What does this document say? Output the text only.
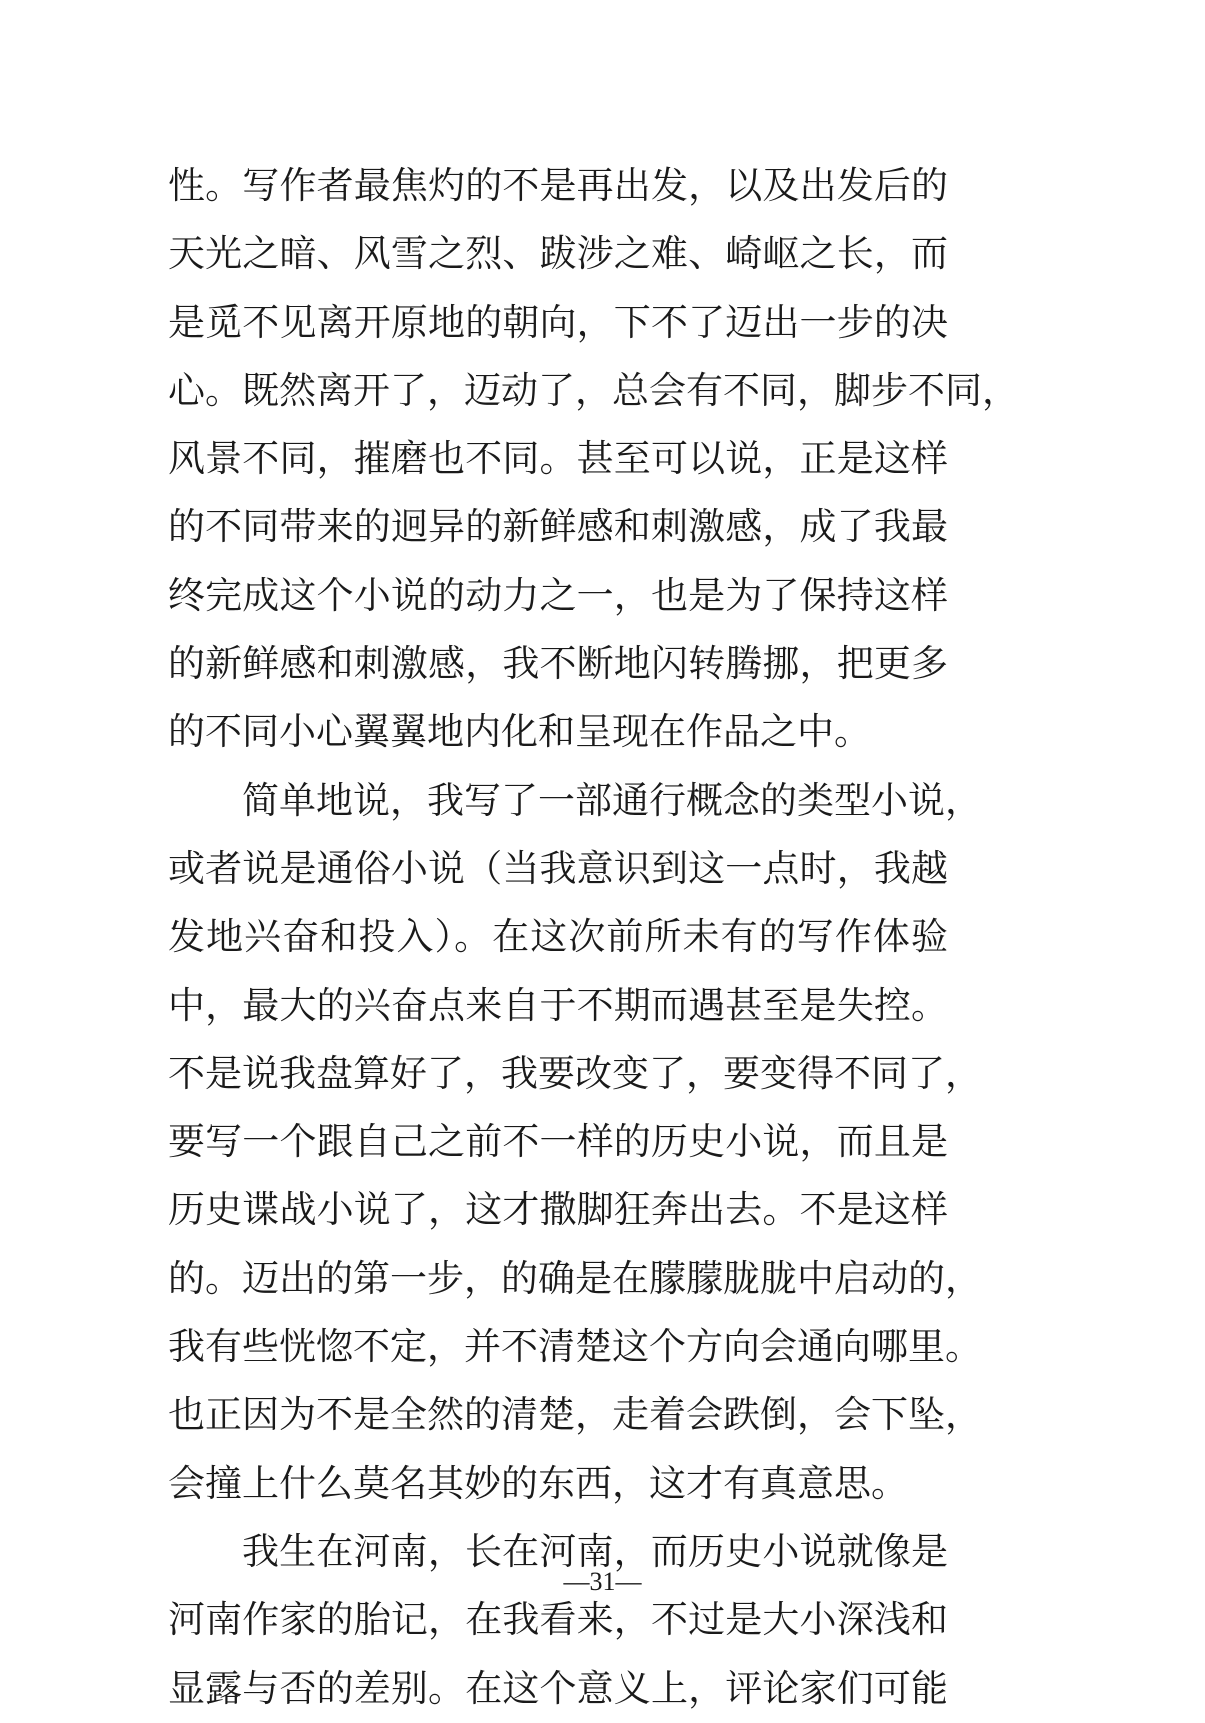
性。写作者最焦灼的不是再出发，以及出发后的
天光之暗、风雪之烈、跋涉之难、崎岖之长，而
是觅不见离开原地的朝向，下不了迈出一步的决
心。既然离开了，迈动了，总会有不同，脚步不同，
风景不同，摧磨也不同。甚至可以说，正是这样
的不同带来的迥异的新鲜感和刺激感，成了我最
终完成这个小说的动力之一，也是为了保持这样
的新鲜感和刺激感，我不断地闪转腾挪，把更多
的不同小心翼翼地内化和呈现在作品之中。
简单地说，我写了一部通行概念的类型小说，
或者说是通俗小说（当我意识到这一点时，我越
发地兴奋和投入）。在这次前所未有的写作体验
中，最大的兴奋点来自于不期而遇甚至是失控。
不是说我盘算好了，我要改变了，要变得不同了，
要写一个跟自己之前不一样的历史小说，而且是
历史谍战小说了，这才撒脚狂奔出去。不是这样
的。迈出的第一步，的确是在朦朦胧胧中启动的，
我有些恍惚不定，并不清楚这个方向会通向哪里。
也正因为不是全然的清楚，走着会跌倒，会下坠，
会撞上什么莫名其妙的东西，这才有真意思。
我生在河南，长在河南，而历史小说就像是
河南作家的胎记，在我看来，不过是大小深浅和
显露与否的差别。在这个意义上，评论家们可能
—31—
